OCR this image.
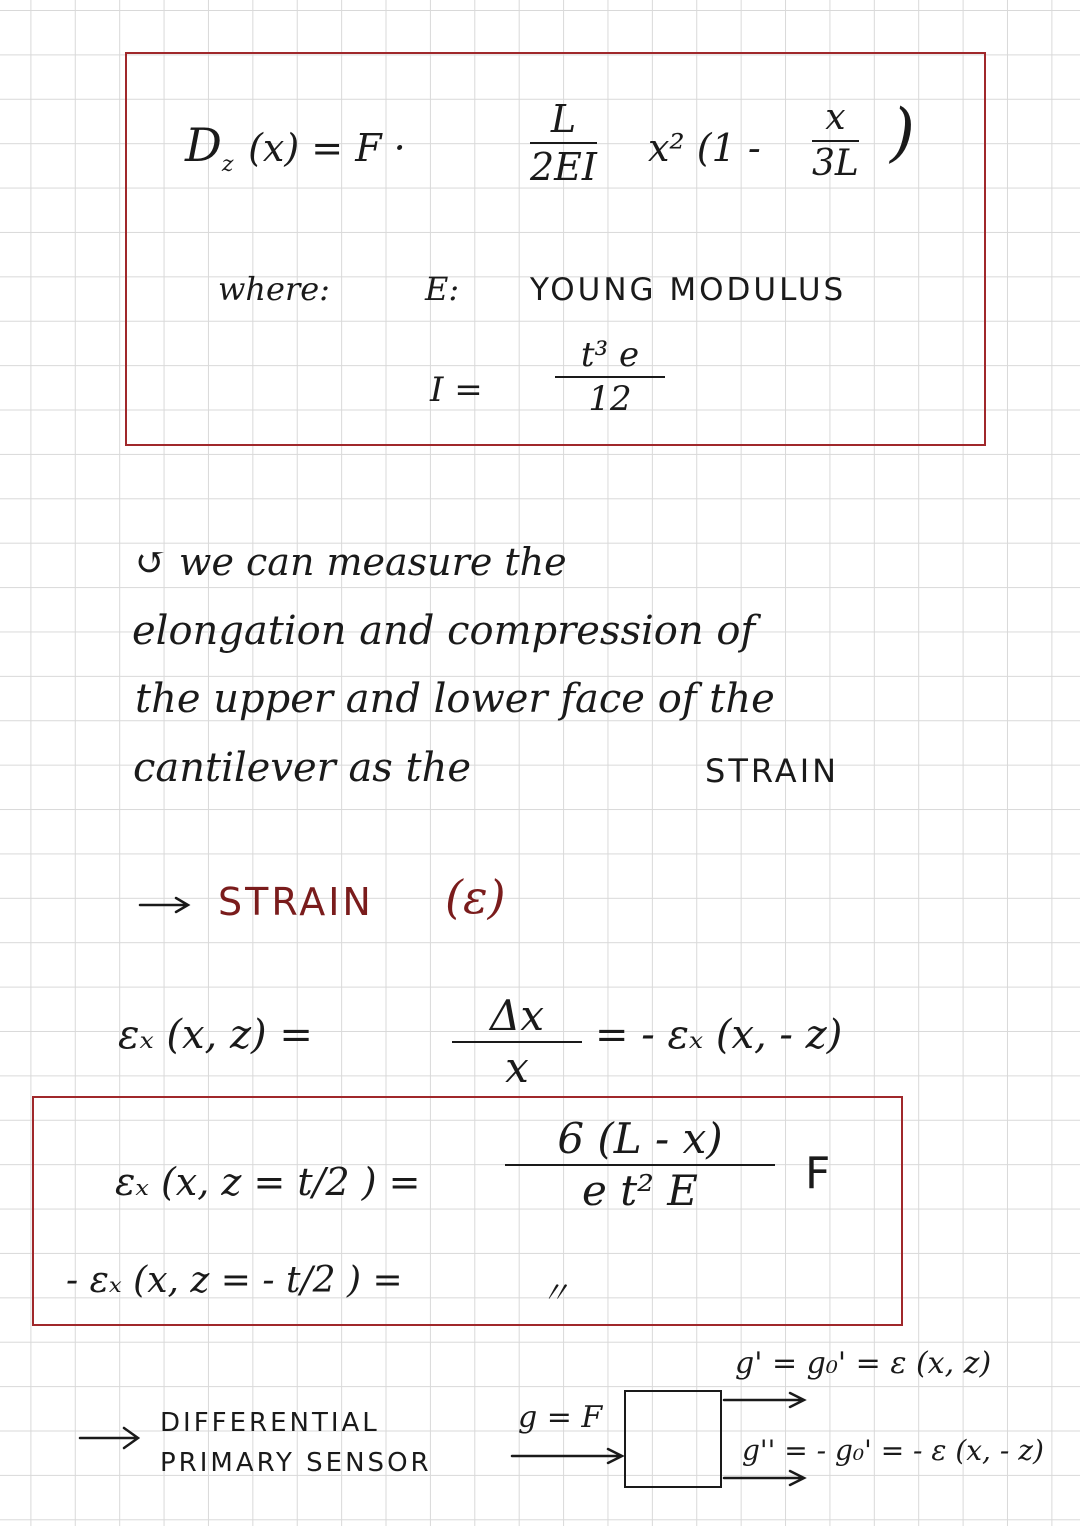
$D_z$ (x) = F ·
L
2EI x² (1 -
x
3L )
where:	E: YOUNG MODULUS
I =
t³ e
12
↺ we can measure the
elongation and compression of
the upper and lower face of the
cantilever as the	STRAIN
STRAIN (ε)
εₓ (x, z) =	Δx
x
= - εₓ (x, - z)
εₓ (x, z = t/2 ) =
6 (L - x)
e t² E F
- εₓ (x, z = - t/2 ) =	〃
DIFFERENTIAL
PRIMARY SENSOR
g = F
g' = g₀' = ε (x, z)
g'' = - g₀' = - ε (x, - z)
